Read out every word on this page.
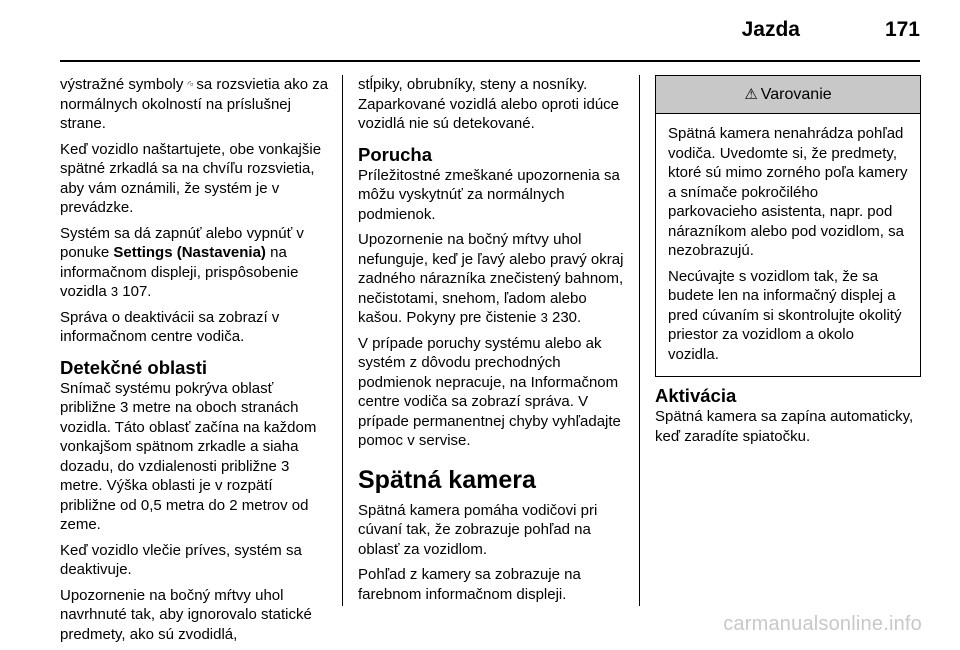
Jazda	171

výstražné symboly ◜▫ sa rozsvietia ako za normálnych okolností na príslušnej strane.

Keď vozidlo naštartujete, obe vonkajšie spätné zrkadlá sa na chvíľu rozsvietia, aby vám oznámili, že systém je v prevádzke.

Systém sa dá zapnúť alebo vypnúť v ponuke Settings (Nastavenia) na informačnom displeji, prispôsobenie vozidla 3 107.

Správa o deaktivácii sa zobrazí v informačnom centre vodiča.

Detekčné oblasti

Snímač systému pokrýva oblasť približne 3 metre na oboch stranách vozidla. Táto oblasť začína na každom vonkajšom spätnom zrkadle a siaha dozadu, do vzdialenosti približne 3 metre. Výška oblasti je v rozpätí približne od 0,5 metra do 2 metrov od zeme.

Keď vozidlo vlečie príves, systém sa deaktivuje.

Upozornenie na bočný mŕtvy uhol navrhnuté tak, aby ignorovalo statické predmety, ako sú zvodidlá,

stĺpiky, obrubníky, steny a nosníky. Zaparkované vozidlá alebo oproti idúce vozidlá nie sú detekované.

Porucha

Príležitostné zmeškané upozornenia sa môžu vyskytnúť za normálnych podmienok.

Upozornenie na bočný mŕtvy uhol nefunguje, keď je ľavý alebo pravý okraj zadného nárazníka znečistený bahnom, nečistotami, snehom, ľadom alebo kašou. Pokyny pre čistenie 3 230.

V prípade poruchy systému alebo ak systém z dôvodu prechodných podmienok nepracuje, na Informačnom centre vodiča sa zobrazí správa. V prípade permanentnej chyby vyhľadajte pomoc v servise.

Spätná kamera

Spätná kamera pomáha vodičovi pri cúvaní tak, že zobrazuje pohľad na oblasť za vozidlom.

Pohľad z kamery sa zobrazuje na farebnom informačnom displeji.

⚠ Varovanie

Spätná kamera nenahrádza pohľad vodiča. Uvedomte si, že predmety, ktoré sú mimo zorného poľa kamery a snímače pokročilého parkovacieho asistenta, napr. pod nárazníkom alebo pod vozidlom, sa nezobrazujú.

Necúvajte s vozidlom tak, že sa budete len na informačný displej a pred cúvaním si skontrolujte okolitý priestor za vozidlom a okolo vozidla.

Aktivácia

Spätná kamera sa zapína automaticky, keď zaradíte spiatočku.

carmanualsonline.info
